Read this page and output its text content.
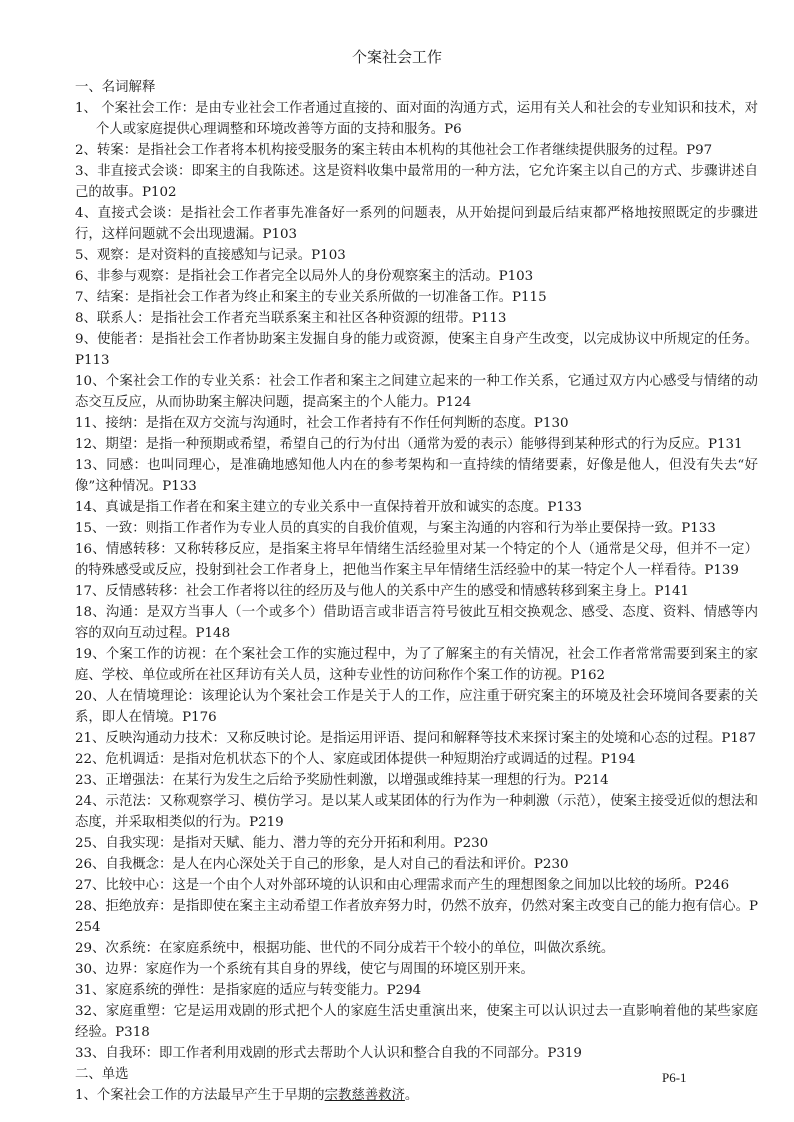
个案社会工作
一、名词解释
1、 个案社会工作：是由专业社会工作者通过直接的、面对面的沟通方式，运用有关人和社会的专业知识和技术，对个人或家庭提供心理调整和环境改善等方面的支持和服务。P6
2、转案：是指社会工作者将本机构接受服务的案主转由本机构的其他社会工作者继续提供服务的过程。P97
3、非直接式会谈：即案主的自我陈述。这是资料收集中最常用的一种方法，它允许案主以自己的方式、步骤讲述自己的故事。P102
4、直接式会谈：是指社会工作者事先准备好一系列的问题表，从开始提问到最后结束都严格地按照既定的步骤进行，这样问题就不会出现遗漏。P103
5、观察：是对资料的直接感知与记录。P103
6、非参与观察：是指社会工作者完全以局外人的身份观察案主的活动。P103
7、结案：是指社会工作者为终止和案主的专业关系所做的一切准备工作。P115
8、联系人：是指社会工作者充当联系案主和社区各种资源的纽带。P113
9、使能者：是指社会工作者协助案主发掘自身的能力或资源，使案主自身产生改变，以完成协议中所规定的任务。P113
10、个案社会工作的专业关系：社会工作者和案主之间建立起来的一种工作关系，它通过双方内心感受与情绪的动态交互反应，从而协助案主解决问题，提高案主的个人能力。P124
11、接纳：是指在双方交流与沟通时，社会工作者持有不作任何判断的态度。P130
12、期望：是指一种预期或希望，希望自己的行为付出（通常为爱的表示）能够得到某种形式的行为反应。P131
13、同感：也叫同理心，是准确地感知他人内在的参考架构和一直持续的情绪要素，好像是他人，但没有失去“好像”这种情况。P133
14、真诚是指工作者在和案主建立的专业关系中一直保持着开放和诚实的态度。P133
15、一致：则指工作者作为专业人员的真实的自我价值观，与案主沟通的内容和行为举止要保持一致。P133
16、情感转移：又称转移反应，是指案主将早年情绪生活经验里对某一个特定的个人（通常是父母，但并不一定）的特殊感受或反应，投射到社会工作者身上，把他当作案主早年情绪生活经验中的某一特定个人一样看待。P139
17、反情感转移：社会工作者将以往的经历及与他人的关系中产生的感受和情感转移到案主身上。P141
18、沟通：是双方当事人（一个或多个）借助语言或非语言符号彼此互相交换观念、感受、态度、资料、情感等内容的双向互动过程。P148
19、个案工作的访视：在个案社会工作的实施过程中，为了了解案主的有关情况，社会工作者常常需要到案主的家庭、学校、单位或所在社区拜访有关人员，这种专业性的访问称作个案工作的访视。P162
20、人在情境理论：该理论认为个案社会工作是关于人的工作，应注重于研究案主的环境及社会环境间各要素的关系，即人在情境。P176
21、反映沟通动力技术：又称反映讨论。是指运用评语、提问和解释等技术来探讨案主的处境和心态的过程。P187
22、危机调适：是指对危机状态下的个人、家庭或团体提供一种短期治疗或调适的过程。P194
23、正增强法：在某行为发生之后给予奖励性刺激，以增强或维持某一理想的行为。P214
24、示范法：又称观察学习、模仿学习。是以某人或某团体的行为作为一种刺激（示范），使案主接受近似的想法和态度，并采取相类似的行为。P219
25、自我实现：是指对天赋、能力、潜力等的充分开拓和利用。P230
26、自我概念：是人在内心深处关于自己的形象，是人对自己的看法和评价。P230
27、比较中心：这是一个由个人对外部环境的认识和由心理需求而产生的理想图象之间加以比较的场所。P246
28、拒绝放弃：是指即使在案主主动希望工作者放弃努力时，仍然不放弃，仍然对案主改变自己的能力抱有信心。P254
29、次系统：在家庭系统中，根据功能、世代的不同分成若干个较小的单位，叫做次系统。
30、边界：家庭作为一个系统有其自身的界线，使它与周围的环境区别开来。
31、家庭系统的弹性：是指家庭的适应与转变能力。P294
32、家庭重塑：它是运用戏剧的形式把个人的家庭生活史重演出来，使案主可以认识过去一直影响着他的某些家庭经验。P318
33、自我环：即工作者利用戏剧的形式去帮助个人认识和整合自我的不同部分。P319
二、单选
1、个案社会工作的方法最早产生于早期的宗教慈善救济。
P6-1
